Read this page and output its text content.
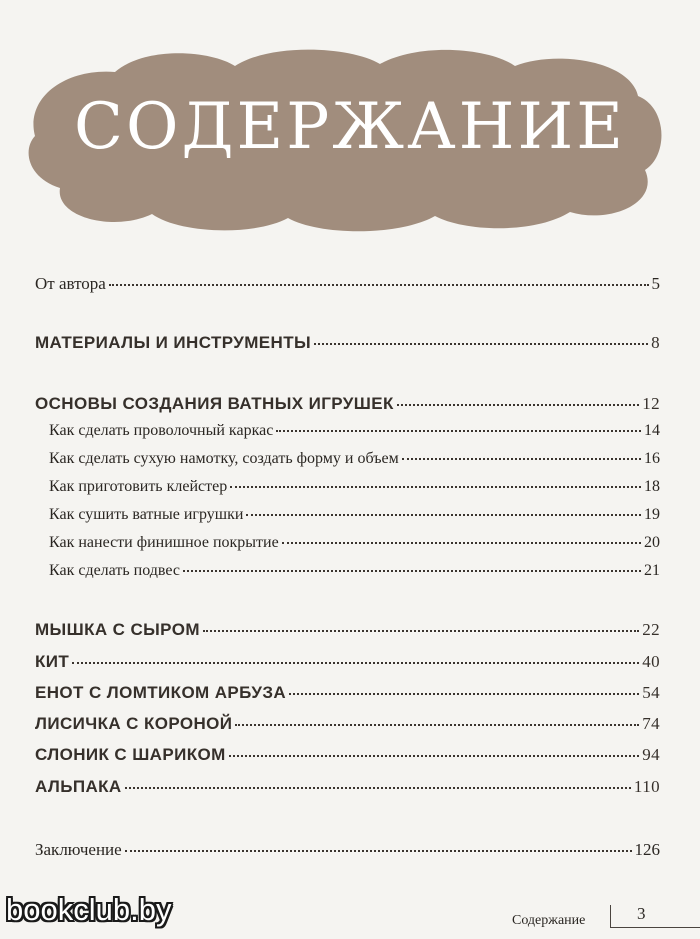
СОДЕРЖАНИЕ
От автора	5
МАТЕРИАЛЫ И ИНСТРУМЕНТЫ	8
ОСНОВЫ СОЗДАНИЯ ВАТНЫХ ИГРУШЕК	12
Как сделать проволочный каркас	14
Как сделать сухую намотку, создать форму и объем	16
Как приготовить клейстер	18
Как сушить ватные игрушки	19
Как нанести финишное покрытие	20
Как сделать подвес	21
МЫШКА С СЫРОМ	22
КИТ	40
ЕНОТ С ЛОМТИКОМ АРБУЗА	54
ЛИСИЧКА С КОРОНОЙ	74
СЛОНИК С ШАРИКОМ	94
АЛЬПАКА	110
Заключение	126
bookclub.by	Содержание	3
